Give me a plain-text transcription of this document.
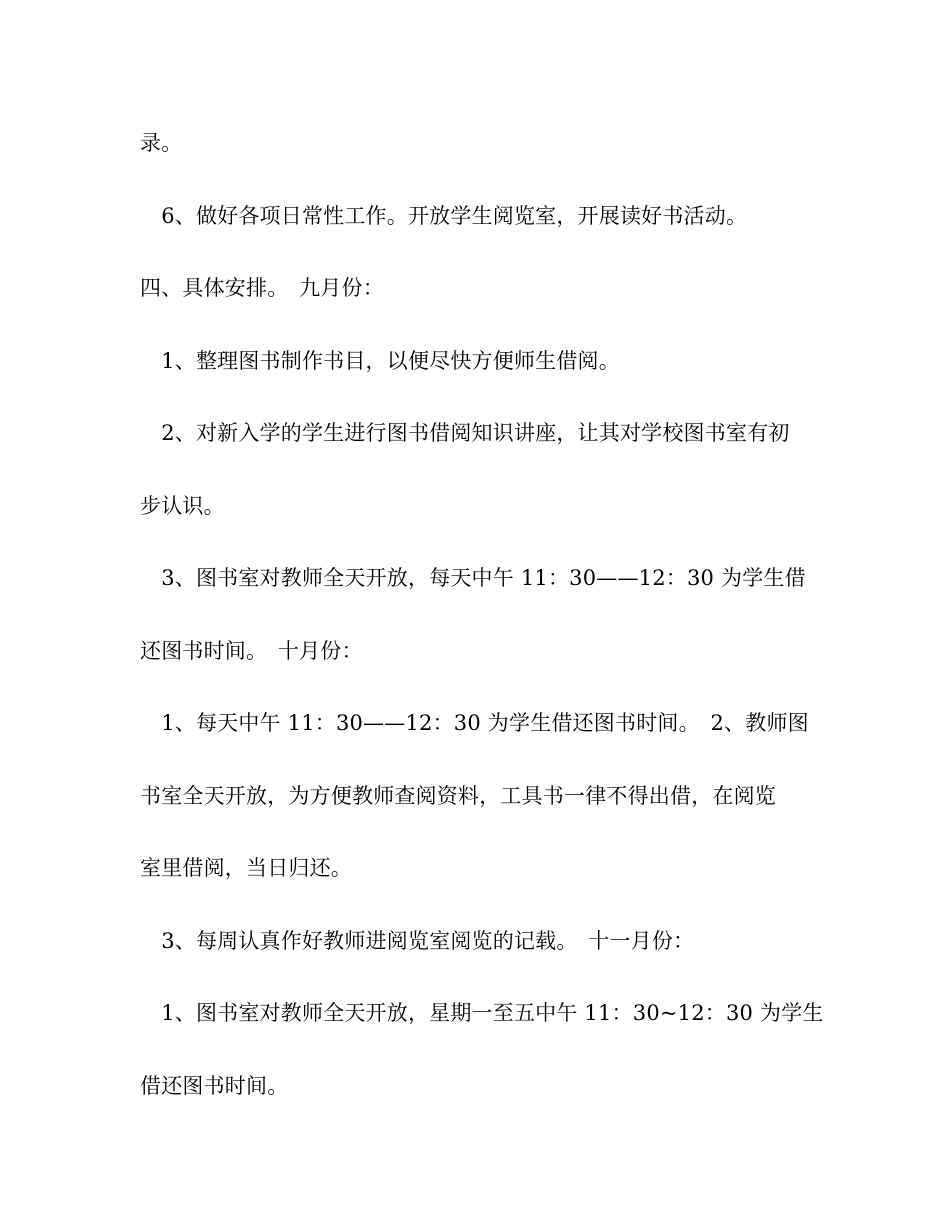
录。
　6、做好各项日常性工作。开放学生阅览室，开展读好书活动。
四、具体安排。　九月份：
　1、整理图书制作书目，以便尽快方便师生借阅。
　2、对新入学的学生进行图书借阅知识讲座，让其对学校图书室有初
步认识。
　3、图书室对教师全天开放，每天中午 11：30——12：30 为学生借
还图书时间。　十月份：
　1、每天中午 11：30——12：30 为学生借还图书时间。　2、教师图
书室全天开放，为方便教师查阅资料，工具书一律不得出借，在阅览
室里借阅，当日归还。
　3、每周认真作好教师进阅览室阅览的记载。　十一月份：
　1、图书室对教师全天开放，星期一至五中午 11：30~12：30 为学生
借还图书时间。
